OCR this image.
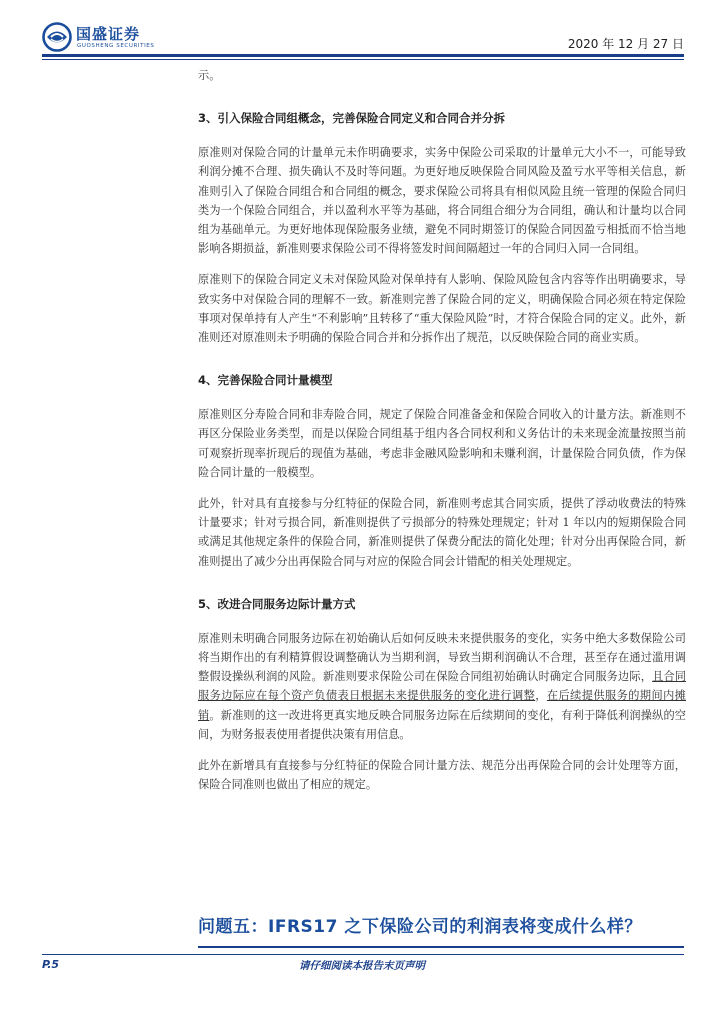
国盛证券
GUOSHENG SECURITIES	2020 年 12 月 27 日

示。

3、引入保险合同组概念，完善保险合同定义和合同合并分拆

原准则对保险合同的计量单元未作明确要求，实务中保险公司采取的计量单元大小不一，可能导致利润分摊不合理、损失确认不及时等问题。为更好地反映保险合同风险及盈亏水平等相关信息，新准则引入了保险合同组合和合同组的概念，要求保险公司将具有相似风险且统一管理的保险合同归类为一个保险合同组合，并以盈利水平等为基础，将合同组合细分为合同组，确认和计量均以合同组为基础单元。为更好地体现保险服务业绩，避免不同时期签订的保险合同因盈亏相抵而不恰当地影响各期损益，新准则要求保险公司不得将签发时间间隔超过一年的合同归入同一合同组。

原准则下的保险合同定义未对保险风险对保单持有人影响、保险风险包含内容等作出明确要求，导致实务中对保险合同的理解不一致。新准则完善了保险合同的定义，明确保险合同必须在特定保险事项对保单持有人产生“不利影响”且转移了“重大保险风险”时，才符合保险合同的定义。此外，新准则还对原准则未予明确的保险合同合并和分拆作出了规范，以反映保险合同的商业实质。

4、完善保险合同计量模型

原准则区分寿险合同和非寿险合同，规定了保险合同准备金和保险合同收入的计量方法。新准则不再区分保险业务类型，而是以保险合同组基于组内各合同权利和义务估计的未来现金流量按照当前可观察折现率折现后的现值为基础，考虑非金融风险影响和未赚利润，计量保险合同负债，作为保险合同计量的一般模型。

此外，针对具有直接参与分红特征的保险合同，新准则考虑其合同实质，提供了浮动收费法的特殊计量要求；针对亏损合同，新准则提供了亏损部分的特殊处理规定；针对 1 年以内的短期保险合同或满足其他规定条件的保险合同，新准则提供了保费分配法的简化处理；针对分出再保险合同，新准则提出了减少分出再保险合同与对应的保险合同会计错配的相关处理规定。

5、改进合同服务边际计量方式

原准则未明确合同服务边际在初始确认后如何反映未来提供服务的变化，实务中绝大多数保险公司将当期作出的有利精算假设调整确认为当期利润，导致当期利润确认不合理，甚至存在通过滥用调整假设操纵利润的风险。新准则要求保险公司在保险合同组初始确认时确定合同服务边际，且合同服务边际应在每个资产负债表日根据未来提供服务的变化进行调整，在后续提供服务的期间内摊销。新准则的这一改进将更真实地反映合同服务边际在后续期间的变化，有利于降低利润操纵的空间，为财务报表使用者提供决策有用信息。

此外在新增具有直接参与分红特征的保险合同计量方法、规范分出再保险合同的会计处理等方面，保险合同准则也做出了相应的规定。

问题五：IFRS17 之下保险公司的利润表将变成什么样？
P.5	请仔细阅读本报告末页声明
